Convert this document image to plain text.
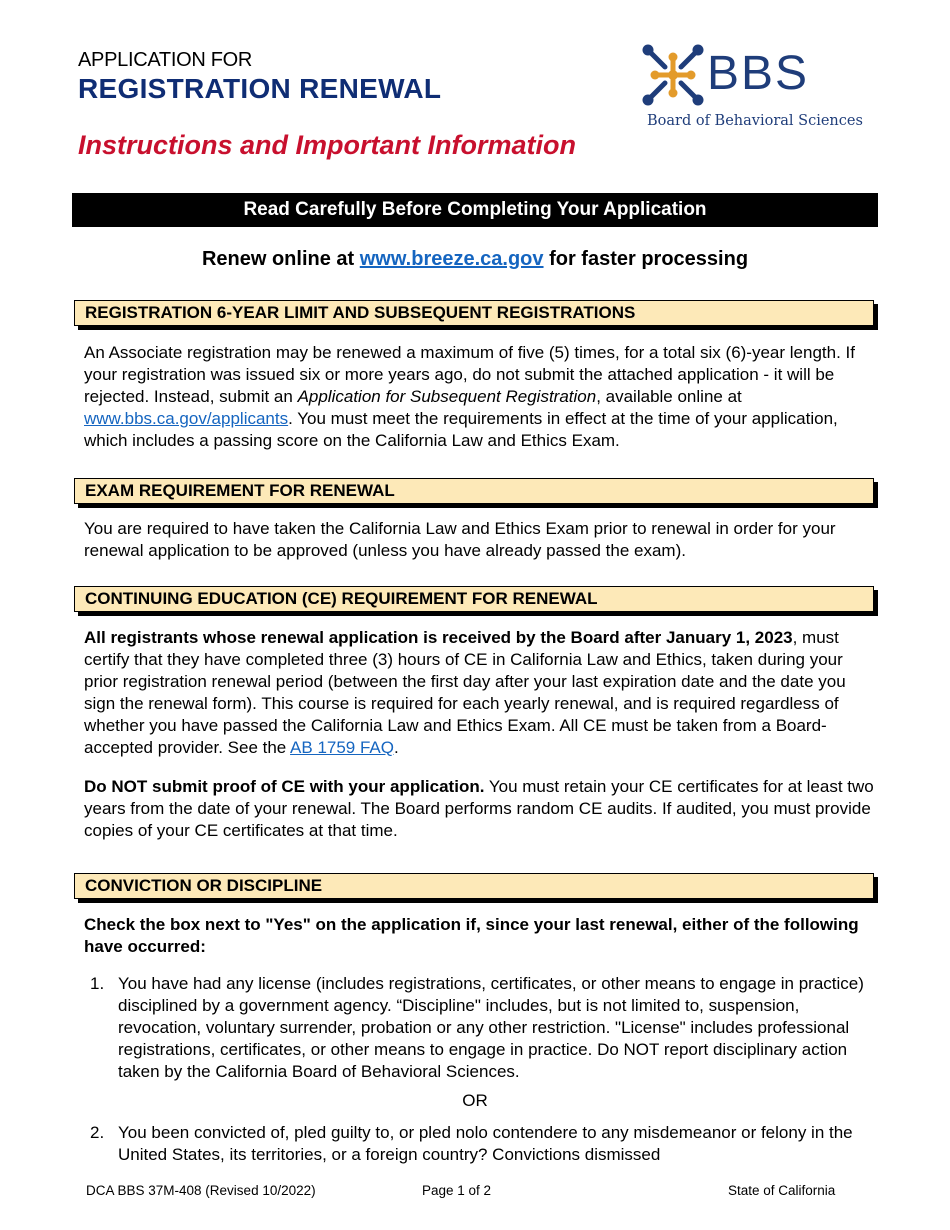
APPLICATION FOR
REGISTRATION RENEWAL
Instructions and Important Information
BBS
Board of Behavioral Sciences
Read Carefully Before Completing Your Application
Renew online at www.breeze.ca.gov for faster processing
REGISTRATION 6-YEAR LIMIT AND SUBSEQUENT REGISTRATIONS
An Associate registration may be renewed a maximum of five (5) times, for a total six (6)-year length. If your registration was issued six or more years ago, do not submit the attached application - it will be rejected. Instead, submit an Application for Subsequent Registration, available online at www.bbs.ca.gov/applicants. You must meet the requirements in effect at the time of your application, which includes a passing score on the California Law and Ethics Exam.
EXAM REQUIREMENT FOR RENEWAL
You are required to have taken the California Law and Ethics Exam prior to renewal in order for your renewal application to be approved (unless you have already passed the exam).
CONTINUING EDUCATION (CE) REQUIREMENT FOR RENEWAL
All registrants whose renewal application is received by the Board after January 1, 2023, must certify that they have completed three (3) hours of CE in California Law and Ethics, taken during your prior registration renewal period (between the first day after your last expiration date and the date you sign the renewal form). This course is required for each yearly renewal, and is required regardless of whether you have passed the California Law and Ethics Exam. All CE must be taken from a Board-accepted provider. See the AB 1759 FAQ.
Do NOT submit proof of CE with your application. You must retain your CE certificates for at least two years from the date of your renewal. The Board performs random CE audits. If audited, you must provide copies of your CE certificates at that time.
CONVICTION OR DISCIPLINE
Check the box next to "Yes" on the application if, since your last renewal, either of the following have occurred:
1. You have had any license (includes registrations, certificates, or other means to engage in practice) disciplined by a government agency. “Discipline" includes, but is not limited to, suspension, revocation, voluntary surrender, probation or any other restriction. "License" includes professional registrations, certificates, or other means to engage in practice. Do NOT report disciplinary action taken by the California Board of Behavioral Sciences.
OR
2. You been convicted of, pled guilty to, or pled nolo contendere to any misdemeanor or felony in the United States, its territories, or a foreign country? Convictions dismissed
DCA BBS 37M-408 (Revised 10/2022)	Page 1 of 2	State of California
